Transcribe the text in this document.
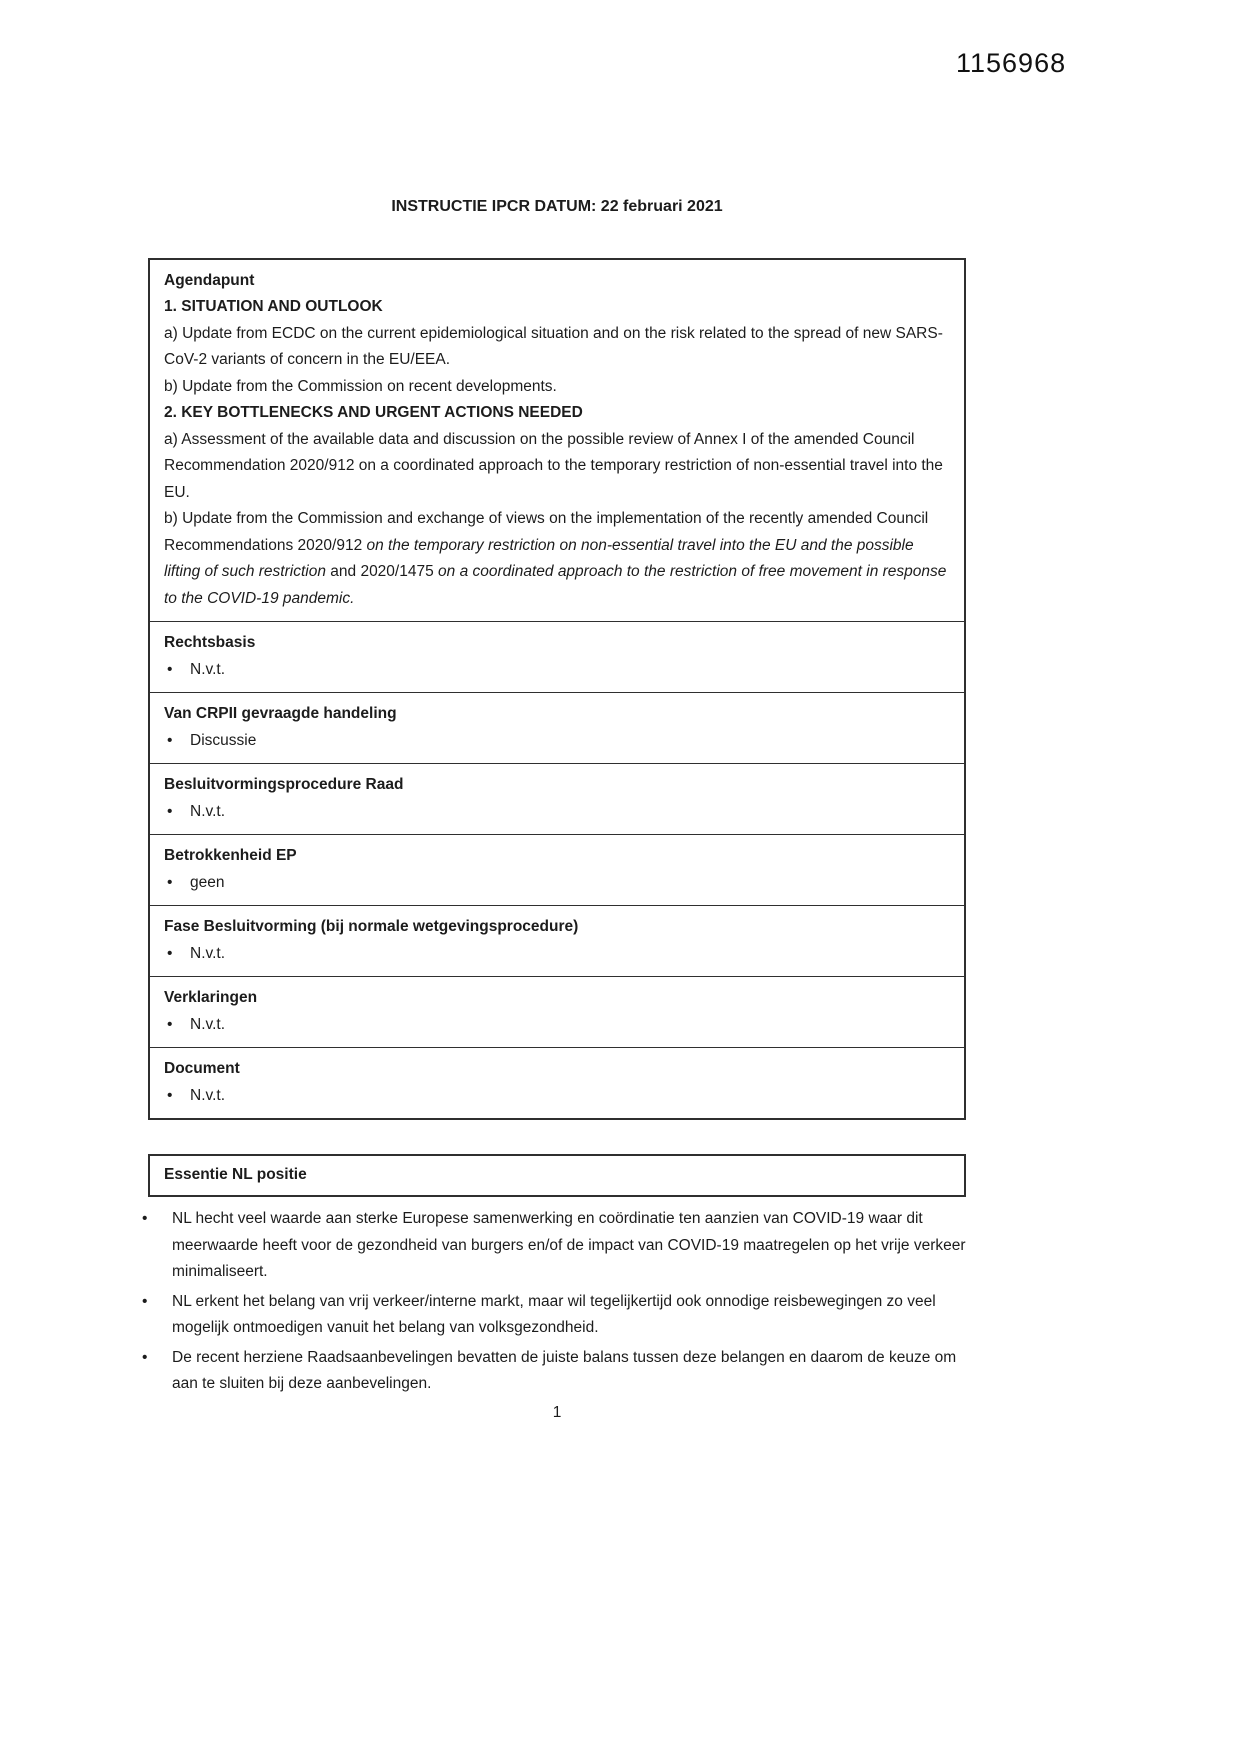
1156968
INSTRUCTIE IPCR DATUM: 22 februari 2021
Agendapunt
1. SITUATION AND OUTLOOK
a) Update from ECDC on the current epidemiological situation and on the risk related to the spread of new SARS-CoV-2 variants of concern in the EU/EEA.
b) Update from the Commission on recent developments.
2. KEY BOTTLENECKS AND URGENT ACTIONS NEEDED
a) Assessment of the available data and discussion on the possible review of Annex I of the amended Council Recommendation 2020/912 on a coordinated approach to the temporary restriction of non-essential travel into the EU.
b) Update from the Commission and exchange of views on the implementation of the recently amended Council Recommendations 2020/912 on the temporary restriction on non-essential travel into the EU and the possible lifting of such restriction and 2020/1475 on a coordinated approach to the restriction of free movement in response to the COVID-19 pandemic.
Rechtsbasis
•	N.v.t.
Van CRPII gevraagde handeling
•	Discussie
Besluitvormingsprocedure Raad
•	N.v.t.
Betrokkenheid EP
•	geen
Fase Besluitvorming (bij normale wetgevingsprocedure)
•	N.v.t.
Verklaringen
•	N.v.t.
Document
•	N.v.t.
Essentie NL positie
•	NL hecht veel waarde aan sterke Europese samenwerking en coördinatie ten aanzien van COVID-19 waar dit meerwaarde heeft voor de gezondheid van burgers en/of de impact van COVID-19 maatregelen op het vrije verkeer minimaliseert.
•	NL erkent het belang van vrij verkeer/interne markt, maar wil tegelijkertijd ook onnodige reisbewegingen zo veel mogelijk ontmoedigen vanuit het belang van volksgezondheid.
•	De recent herziene Raadsaanbevelingen bevatten de juiste balans tussen deze belangen en daarom de keuze om aan te sluiten bij deze aanbevelingen.
1
